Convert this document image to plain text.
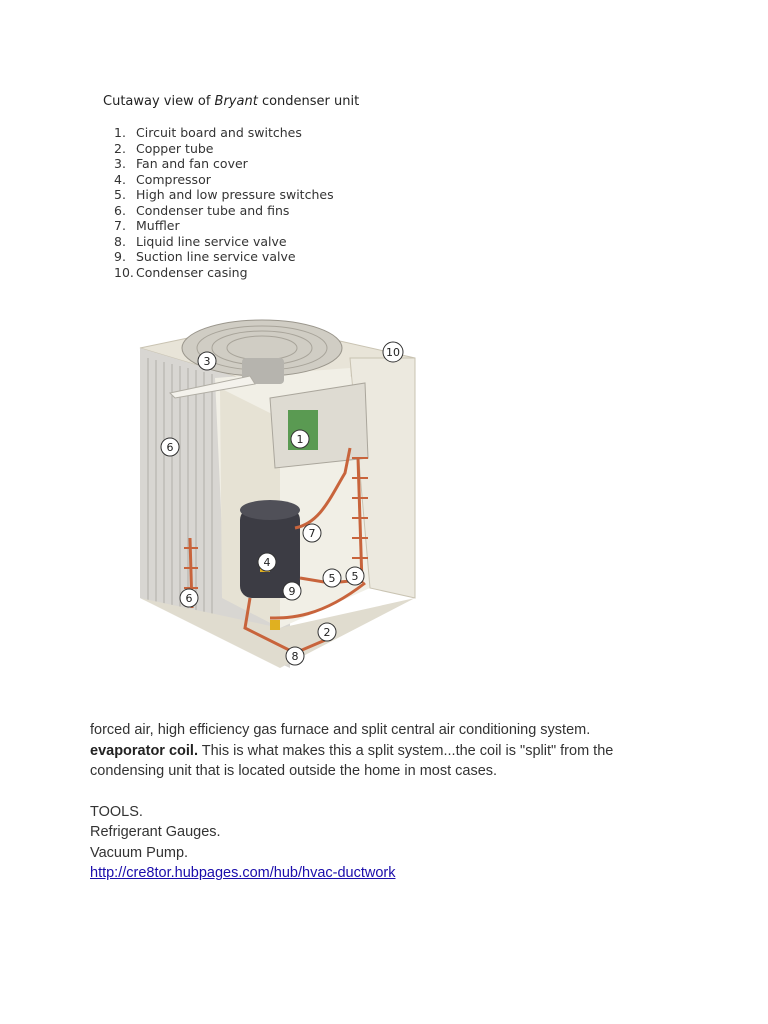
Cutaway view of Bryant condenser unit
1. Circuit board and switches
2. Copper tube
3. Fan and fan cover
4. Compressor
5. High and low pressure switches
6. Condenser tube and fins
7. Muffler
8. Liquid line service valve
9. Suction line service valve
10. Condenser casing
3
10
1
6
7
4
5 5
9
6
2
8

forced air, high efficiency gas furnace and split central air conditioning system.

evaporator coil. This is what makes this a split system...the coil is "split" from the

condensing unit that is located outside the home in most cases.

TOOLS.

Refrigerant Gauges.

Vacuum Pump.

http://cre8tor.hubpages.com/hub/hvac-ductwork
